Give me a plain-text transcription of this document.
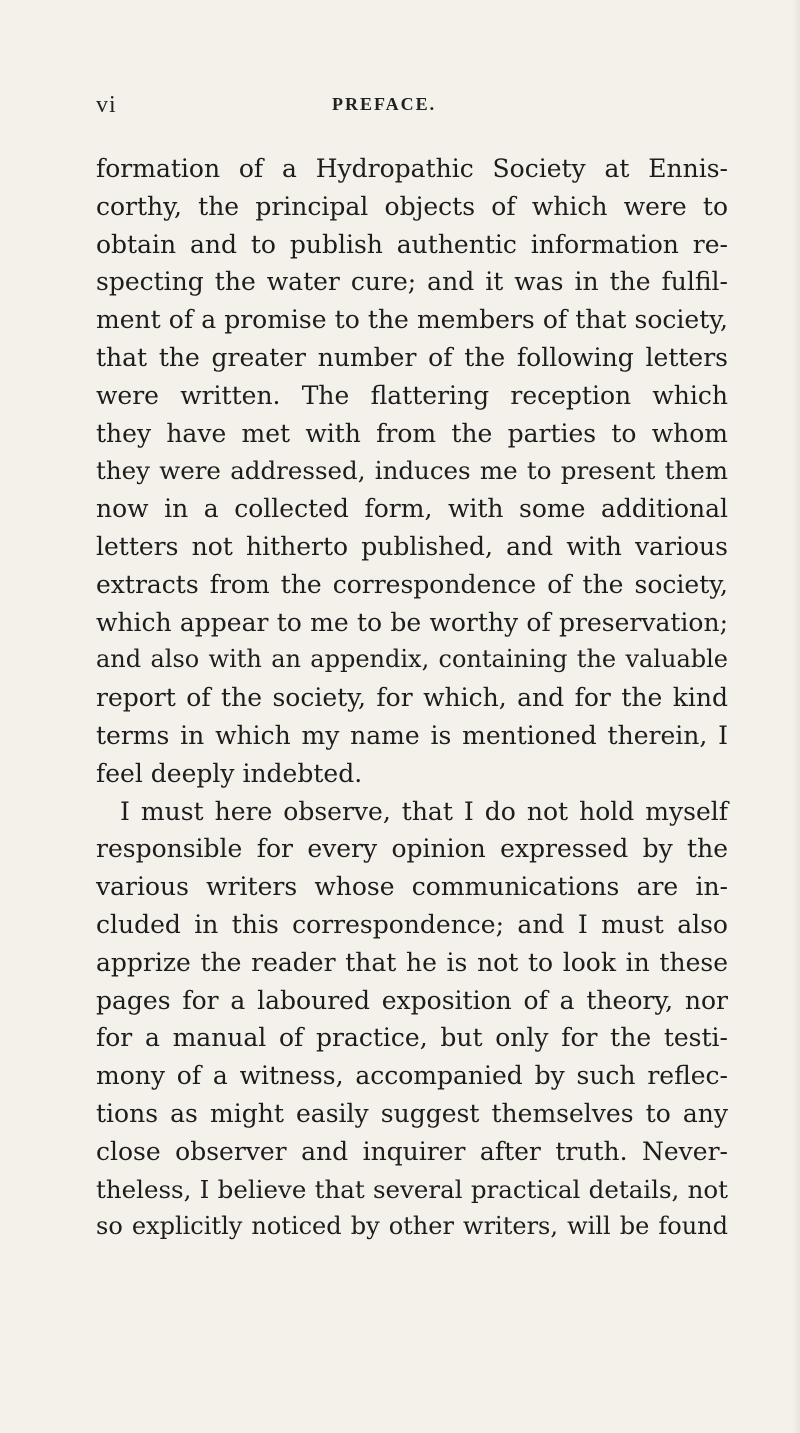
vi	PREFACE.
formation of a Hydropathic Society at Ennis-
corthy, the principal objects of which were to
obtain and to publish authentic information re-
specting the water cure; and it was in the fulfil-
ment of a promise to the members of that society,
that the greater number of the following letters
were written. The flattering reception which
they have met with from the parties to whom
they were addressed, induces me to present them
now in a collected form, with some additional
letters not hitherto published, and with various
extracts from the correspondence of the society,
which appear to me to be worthy of preservation;
and also with an appendix, containing the valuable
report of the society, for which, and for the kind
terms in which my name is mentioned therein, I
feel deeply indebted.
I must here observe, that I do not hold myself
responsible for every opinion expressed by the
various writers whose communications are in-
cluded in this correspondence; and I must also
apprize the reader that he is not to look in these
pages for a laboured exposition of a theory, nor
for a manual of practice, but only for the testi-
mony of a witness, accompanied by such reflec-
tions as might easily suggest themselves to any
close observer and inquirer after truth. Never-
theless, I believe that several practical details, not
so explicitly noticed by other writers, will be found
